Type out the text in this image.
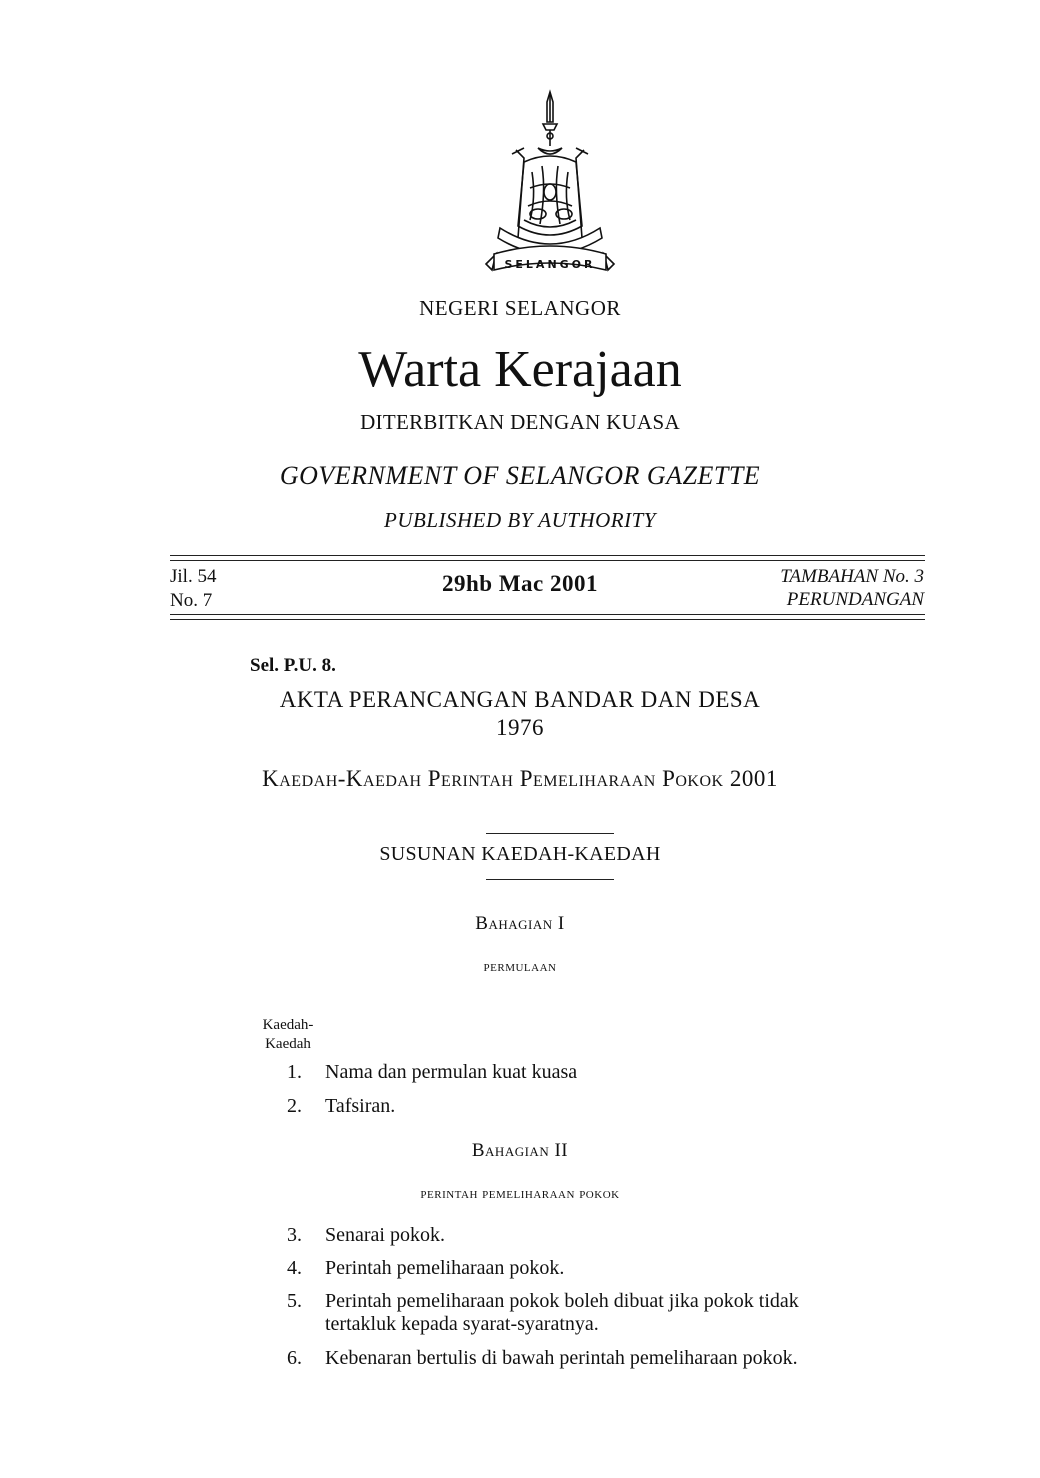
SELANGOR
NEGERI SELANGOR
Warta Kerajaan
DITERBITKAN DENGAN KUASA
GOVERNMENT OF SELANGOR GAZETTE
PUBLISHED BY AUTHORITY
Jil. 54
No. 7
29hb Mac 2001	TAMBAHAN No. 3
PERUNDANGAN
Sel. P.U. 8.
AKTA PERANCANGAN BANDAR DAN DESA
1976
Kaedah-Kaedah Perintah Pemeliharaan Pokok 2001
SUSUNAN KAEDAH-KAEDAH
Bahagian I
permulaan
Kaedah-
Kaedah
1. Nama dan permulan kuat kuasa
2. Tafsiran.
Bahagian II
perintah pemeliharaan pokok
3. Senarai pokok.
4. Perintah pemeliharaan pokok.
5. Perintah pemeliharaan pokok boleh dibuat jika pokok tidak
tertakluk kepada syarat-syaratnya.
6. Kebenaran bertulis di bawah perintah pemeliharaan pokok.
